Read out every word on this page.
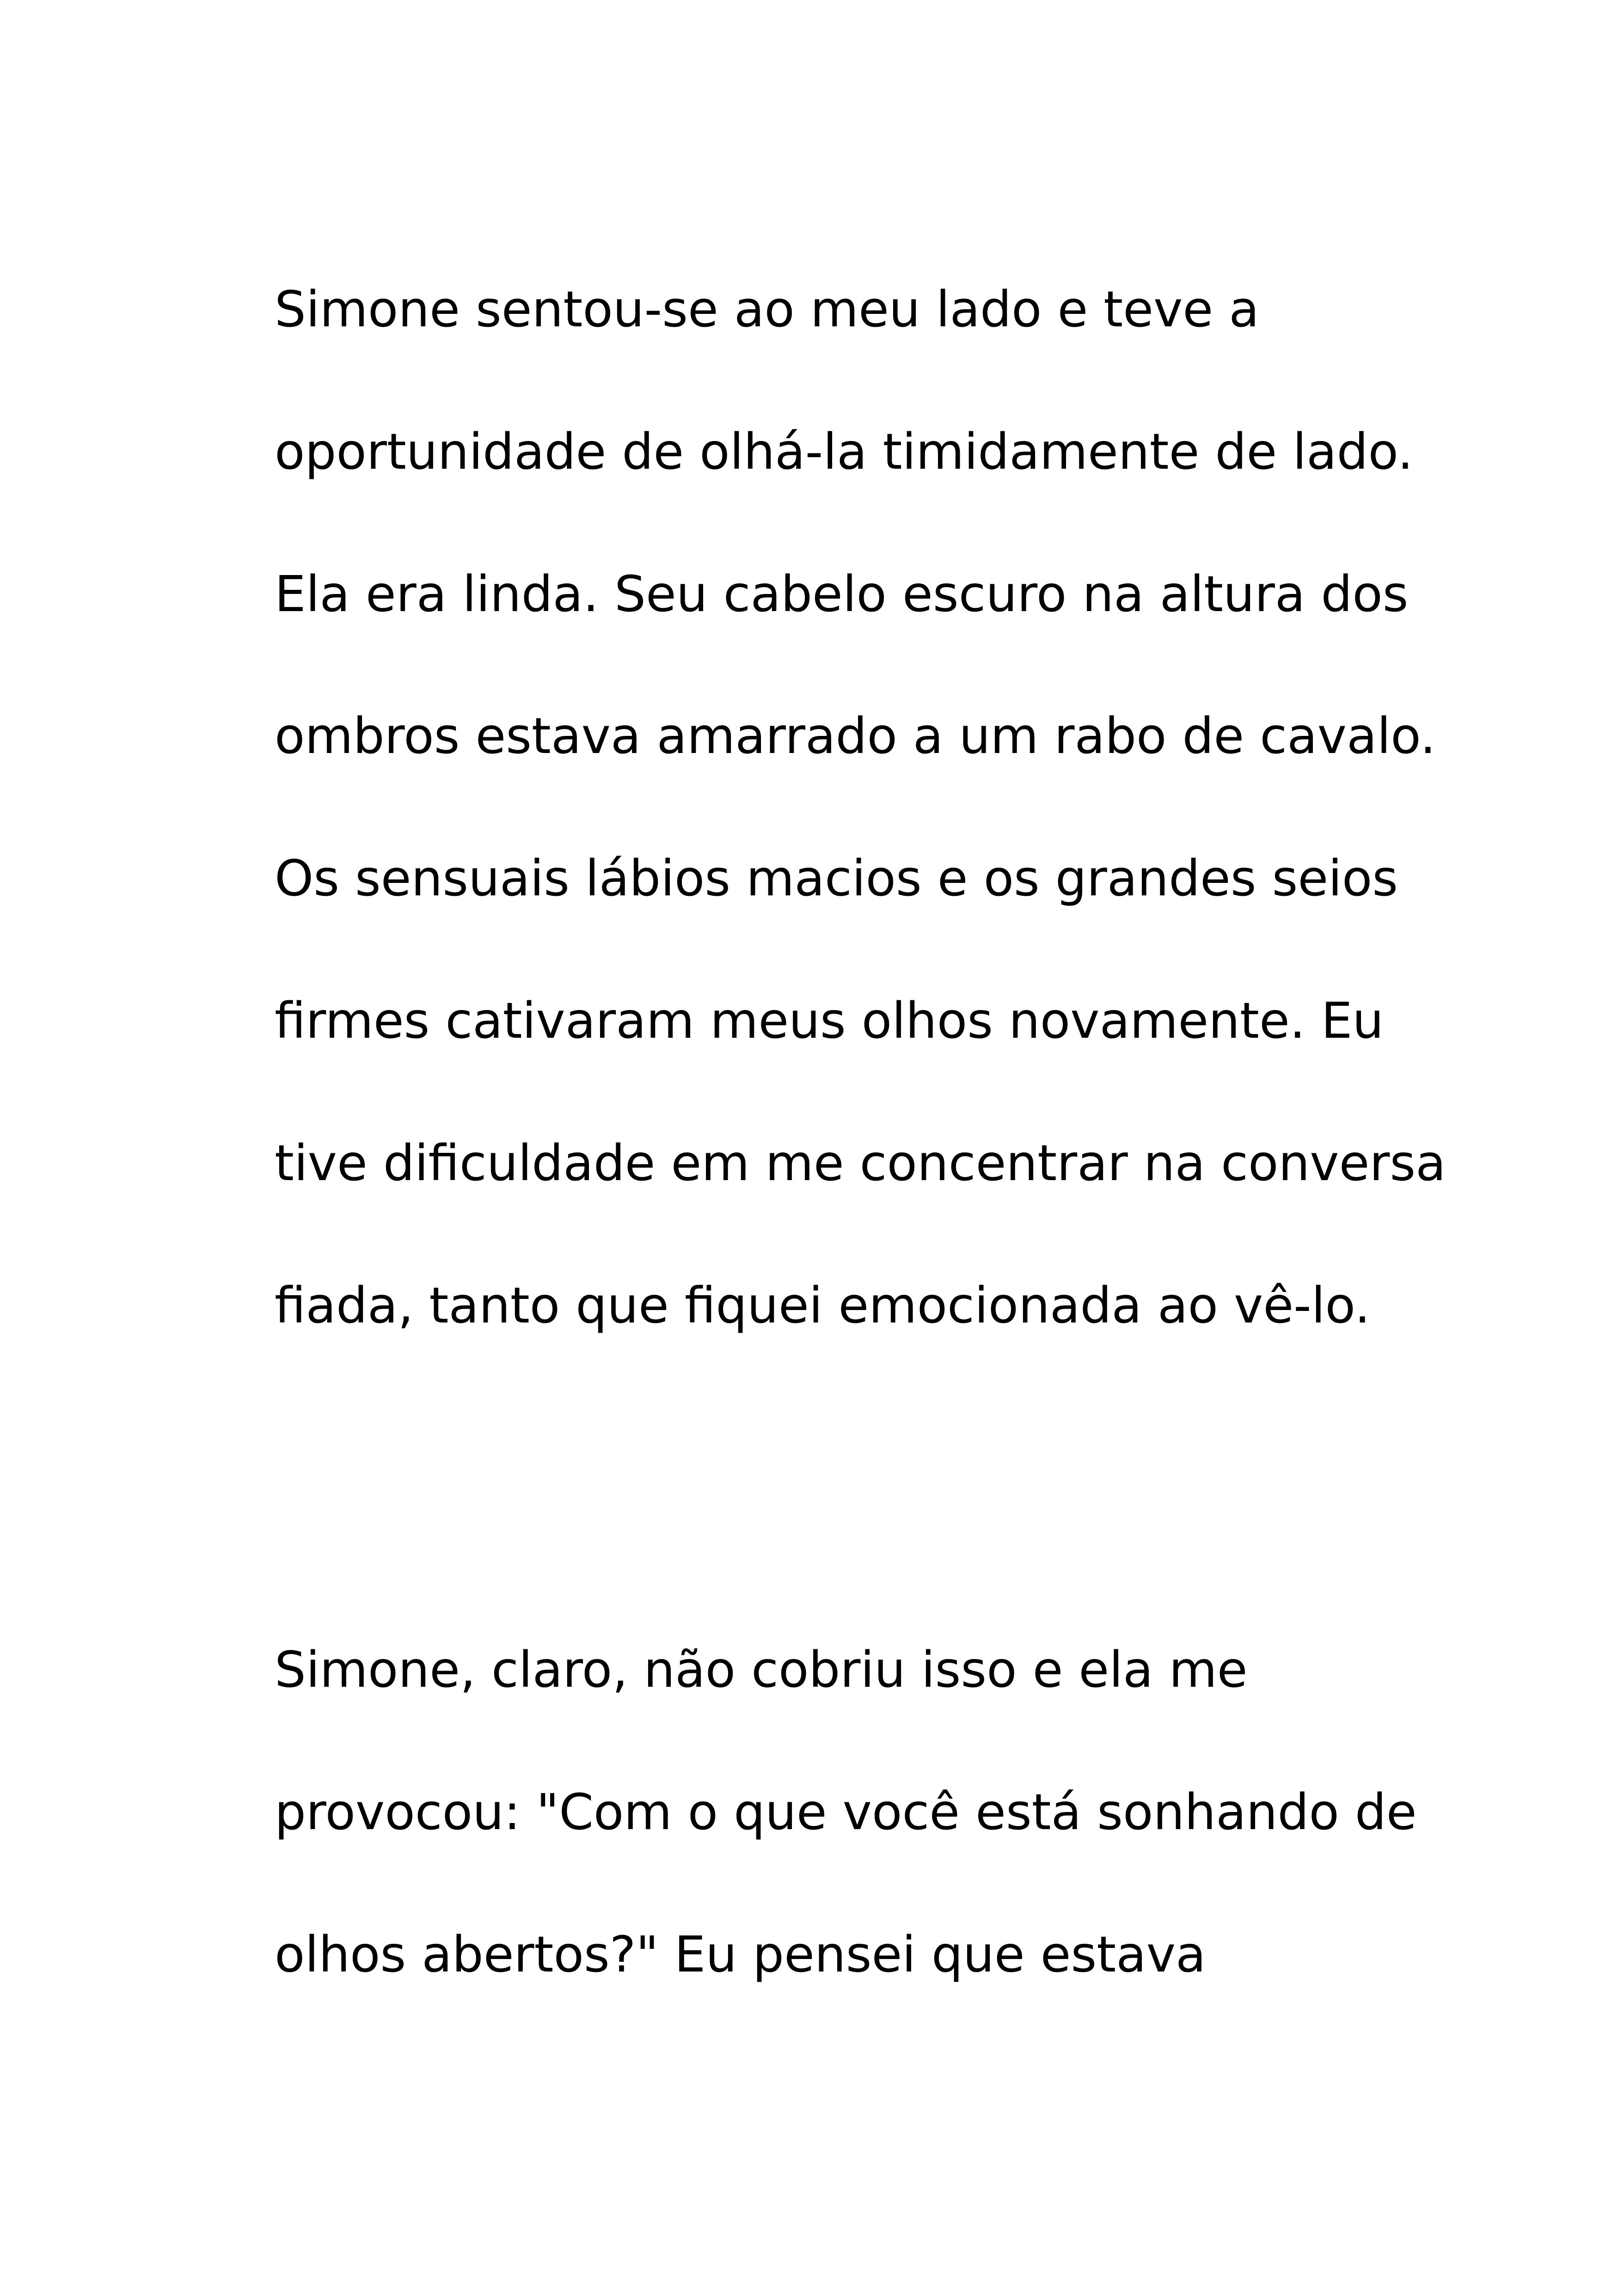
Simone sentou-se ao meu lado e teve a

oportunidade de olhá-la timidamente de lado.

Ela era linda. Seu cabelo escuro na altura dos

ombros estava amarrado a um rabo de cavalo.

Os sensuais lábios macios e os grandes seios

firmes cativaram meus olhos novamente. Eu

tive dificuldade em me concentrar na conversa

fiada, tanto que fiquei emocionada ao vê-lo.

Simone, claro, não cobriu isso e ela me

provocou: "Com o que você está sonhando de

olhos abertos?" Eu pensei que estava
